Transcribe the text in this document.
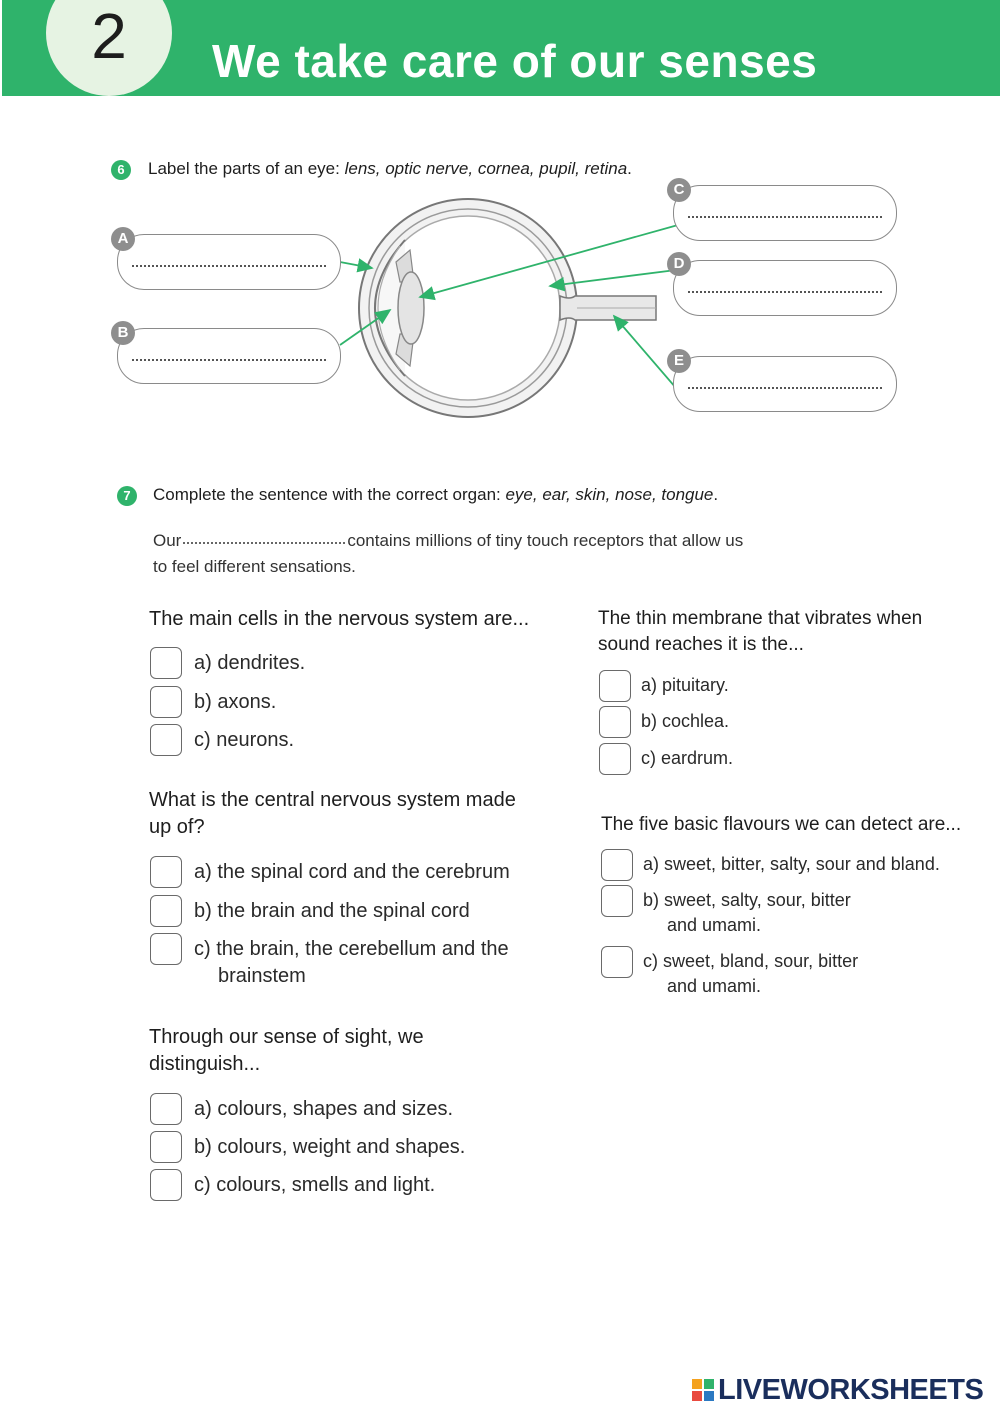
We take care of our senses
2
6	Label the parts of an eye: lens, optic nerve, cornea, pupil, retina.
A
B
C
D
E
7	Complete the sentence with the correct organ: eye, ear, skin, nose, tongue.
Our	contains millions of tiny touch receptors that allow us
to feel different sensations.
The main cells in the nervous system are...
a) dendrites.
b) axons.
c) neurons.
What is the central nervous system made
up of?
a) the spinal cord and the cerebrum
b) the brain and the spinal cord
c) the brain, the cerebellum and the
brainstem
Through our sense of sight, we
distinguish...
a) colours, shapes and sizes.
b) colours, weight and shapes.
c) colours, smells and light.
The thin membrane that vibrates when
sound reaches it is the...
a) pituitary.
b) cochlea.
c) eardrum.
The five basic flavours we can detect are...
a) sweet, bitter, salty, sour and bland.
b) sweet, salty, sour, bitter
and umami.
c) sweet, bland, sour, bitter
and umami.
LIVEWORKSHEETS
